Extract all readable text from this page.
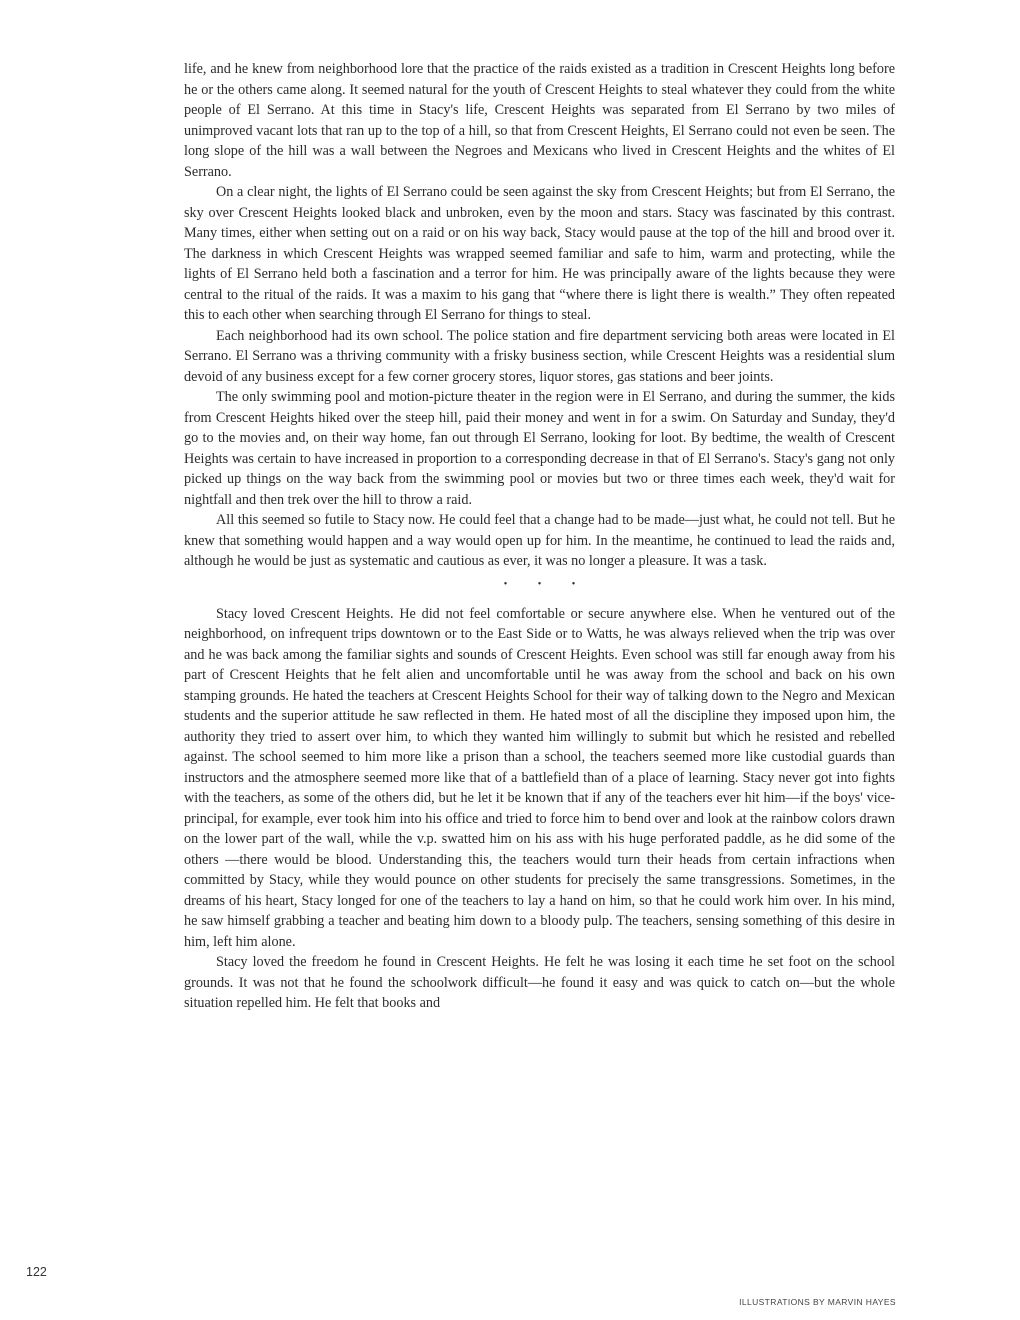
life, and he knew from neighborhood lore that the practice of the raids existed as a tradition in Crescent Heights long before he or the others came along. It seemed natural for the youth of Crescent Heights to steal whatever they could from the white people of El Serrano. At this time in Stacy's life, Crescent Heights was separated from El Serrano by two miles of unimproved vacant lots that ran up to the top of a hill, so that from Crescent Heights, El Serrano could not even be seen. The long slope of the hill was a wall between the Negroes and Mexicans who lived in Crescent Heights and the whites of El Serrano.

On a clear night, the lights of El Serrano could be seen against the sky from Crescent Heights; but from El Serrano, the sky over Crescent Heights looked black and unbroken, even by the moon and stars. Stacy was fascinated by this contrast. Many times, either when setting out on a raid or on his way back, Stacy would pause at the top of the hill and brood over it. The darkness in which Crescent Heights was wrapped seemed familiar and safe to him, warm and protecting, while the lights of El Serrano held both a fascination and a terror for him. He was principally aware of the lights because they were central to the ritual of the raids. It was a maxim to his gang that “where there is light there is wealth.” They often repeated this to each other when searching through El Serrano for things to steal.

Each neighborhood had its own school. The police station and fire department servicing both areas were located in El Serrano. El Serrano was a thriving community with a frisky business section, while Crescent Heights was a residential slum devoid of any business except for a few corner grocery stores, liquor stores, gas stations and beer joints.

The only swimming pool and motion-picture theater in the region were in El Serrano, and during the summer, the kids from Crescent Heights hiked over the steep hill, paid their money and went in for a swim. On Saturday and Sunday, they'd go to the movies and, on their way home, fan out through El Serrano, looking for loot. By bedtime, the wealth of Crescent Heights was certain to have increased in proportion to a corresponding decrease in that of El Serrano's. Stacy's gang not only picked up things on the way back from the swimming pool or movies but two or three times each week, they'd wait for nightfall and then trek over the hill to throw a raid.

All this seemed so futile to Stacy now. He could feel that a change had to be made—just what, he could not tell. But he knew that something would happen and a way would open up for him. In the meantime, he continued to lead the raids and, although he would be just as systematic and cautious as ever, it was no longer a pleasure. It was a task.

• • •

Stacy loved Crescent Heights. He did not feel comfortable or secure anywhere else. When he ventured out of the neighborhood, on infrequent trips downtown or to the East Side or to Watts, he was always relieved when the trip was over and he was back among the familiar sights and sounds of Crescent Heights. Even school was still far enough away from his part of Crescent Heights that he felt alien and uncomfortable until he was away from the school and back on his own stamping grounds. He hated the teachers at Crescent Heights School for their way of talking down to the Negro and Mexican students and the superior attitude he saw reflected in them. He hated most of all the discipline they imposed upon him, the authority they tried to assert over him, to which they wanted him willingly to submit but which he resisted and rebelled against. The school seemed to him more like a prison than a school, the teachers seemed more like custodial guards than instructors and the atmosphere seemed more like that of a battlefield than of a place of learning. Stacy never got into fights with the teachers, as some of the others did, but he let it be known that if any of the teachers ever hit him—if the boys' vice-principal, for example, ever took him into his office and tried to force him to bend over and look at the rainbow colors drawn on the lower part of the wall, while the v.p. swatted him on his ass with his huge perforated paddle, as he did some of the others —there would be blood. Understanding this, the teachers would turn their heads from certain infractions when committed by Stacy, while they would pounce on other students for precisely the same transgressions. Sometimes, in the dreams of his heart, Stacy longed for one of the teachers to lay a hand on him, so that he could work him over. In his mind, he saw himself grabbing a teacher and beating him down to a bloody pulp. The teachers, sensing something of this desire in him, left him alone.

Stacy loved the freedom he found in Crescent Heights. He felt he was losing it each time he set foot on the school grounds. It was not that he found the schoolwork difficult—he found it easy and was quick to catch on—but the whole situation repelled him. He felt that books and

122
ILLUSTRATIONS BY MARVIN HAYES
